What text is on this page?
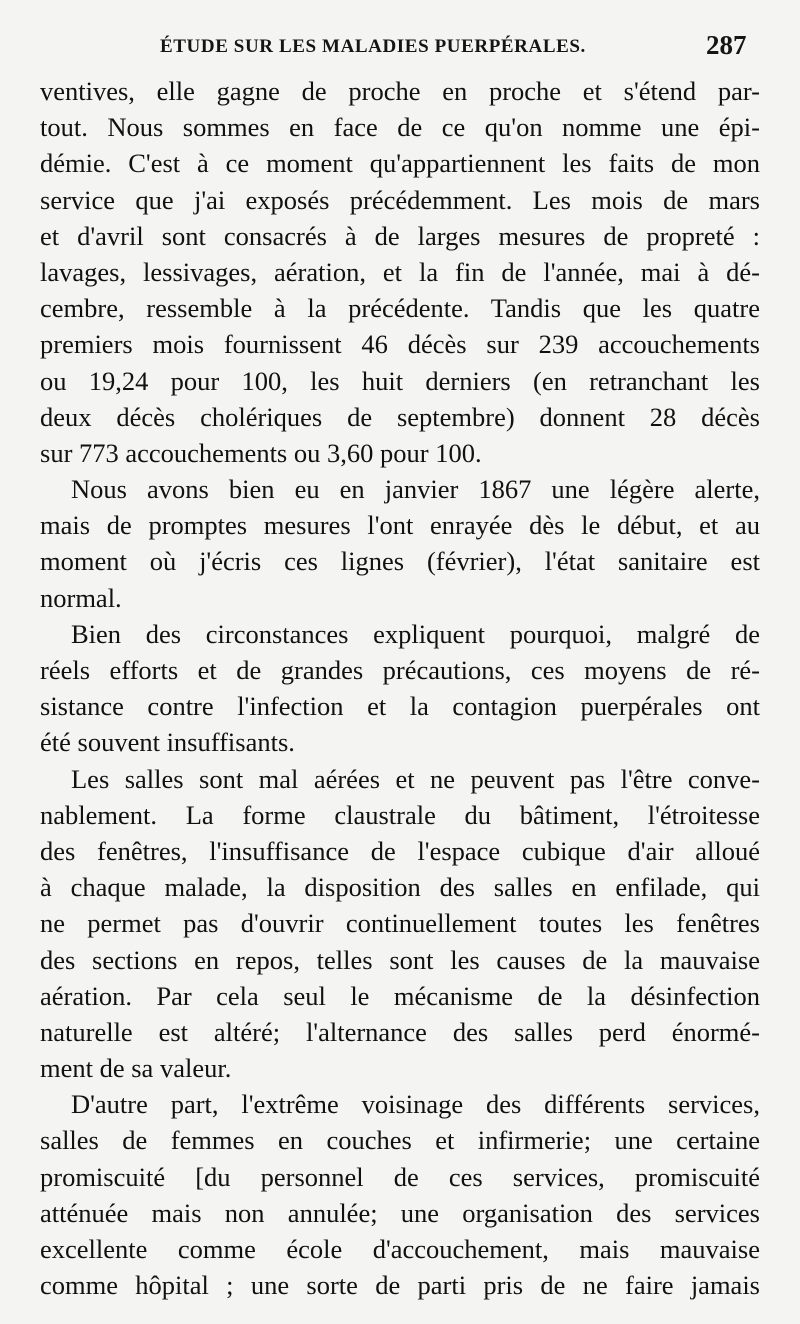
ÉTUDE SUR LES MALADIES PUERPÉRALES.	287
ventives, elle gagne de proche en proche et s'étend par-
tout. Nous sommes en face de ce qu'on nomme une épi-
démie. C'est à ce moment qu'appartiennent les faits de mon
service que j'ai exposés précédemment. Les mois de mars
et d'avril sont consacrés à de larges mesures de propreté :
lavages, lessivages, aération, et la fin de l'année, mai à dé-
cembre, ressemble à la précédente. Tandis que les quatre
premiers mois fournissent 46 décès sur 239 accouchements
ou 19,24 pour 100, les huit derniers (en retranchant les
deux décès cholériques de septembre) donnent 28 décès
sur 773 accouchements ou 3,60 pour 100.
Nous avons bien eu en janvier 1867 une légère alerte,
mais de promptes mesures l'ont enrayée dès le début, et au
moment où j'écris ces lignes (février), l'état sanitaire est
normal.
Bien des circonstances expliquent pourquoi, malgré de
réels efforts et de grandes précautions, ces moyens de ré-
sistance contre l'infection et la contagion puerpérales ont
été souvent insuffisants.
Les salles sont mal aérées et ne peuvent pas l'être conve-
nablement. La forme claustrale du bâtiment, l'étroitesse
des fenêtres, l'insuffisance de l'espace cubique d'air alloué
à chaque malade, la disposition des salles en enfilade, qui
ne permet pas d'ouvrir continuellement toutes les fenêtres
des sections en repos, telles sont les causes de la mauvaise
aération. Par cela seul le mécanisme de la désinfection
naturelle est altéré; l'alternance des salles perd énormé-
ment de sa valeur.
D'autre part, l'extrême voisinage des différents services,
salles de femmes en couches et infirmerie; une certaine
promiscuité [du personnel de ces services, promiscuité
atténuée mais non annulée; une organisation des services
excellente comme école d'accouchement, mais mauvaise
comme hôpital ; une sorte de parti pris de ne faire jamais
